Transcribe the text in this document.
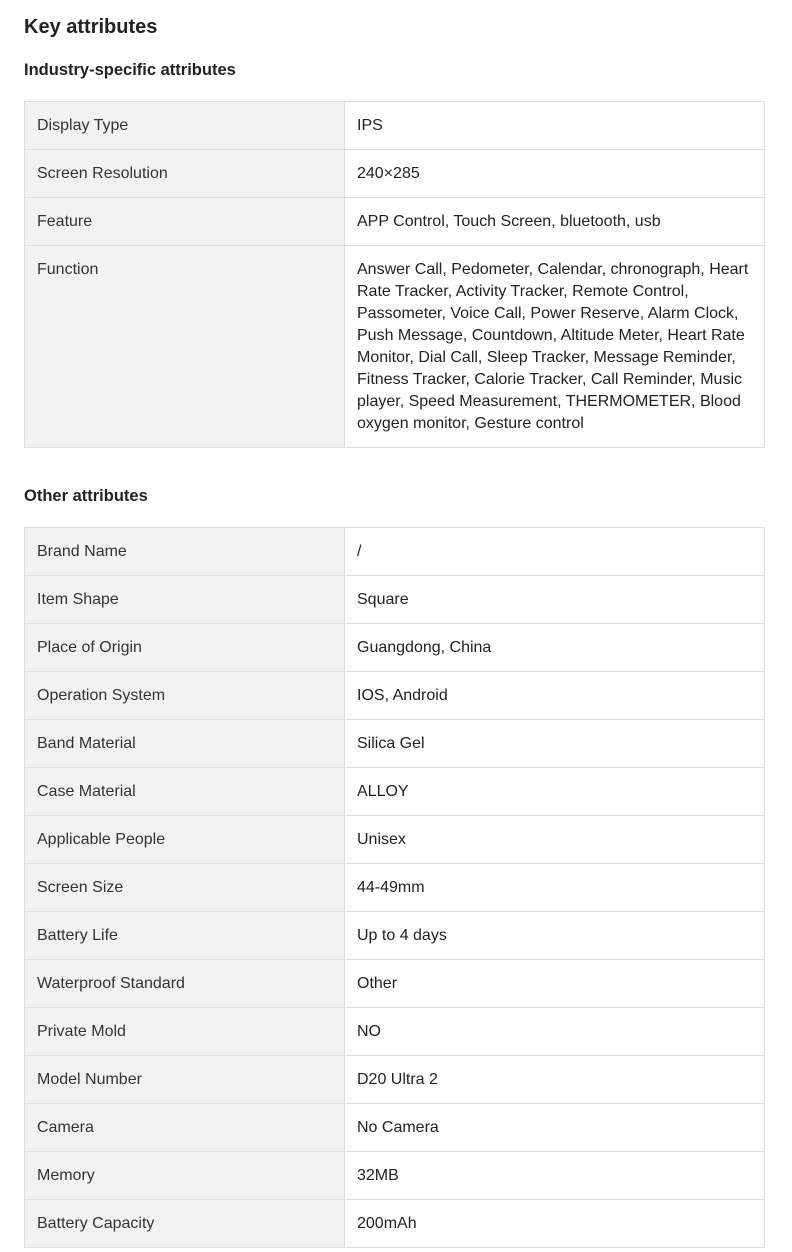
Key attributes
Industry-specific attributes
Display Type	IPS
Screen Resolution	240×285
Feature	APP Control, Touch Screen, bluetooth, usb
Function	Answer Call, Pedometer, Calendar, chronograph, Heart Rate Tracker, Activity Tracker, Remote Control, Passometer, Voice Call, Power Reserve, Alarm Clock, Push Message, Countdown, Altitude Meter, Heart Rate Monitor, Dial Call, Sleep Tracker, Message Reminder, Fitness Tracker, Calorie Tracker, Call Reminder, Music player, Speed Measurement, THERMOMETER, Blood oxygen monitor, Gesture control
Other attributes
Brand Name	/
Item Shape	Square
Place of Origin	Guangdong, China
Operation System	IOS, Android
Band Material	Silica Gel
Case Material	ALLOY
Applicable People	Unisex
Screen Size	44-49mm
Battery Life	Up to 4 days
Waterproof Standard	Other
Private Mold	NO
Model Number	D20 Ultra 2
Camera	No Camera
Memory	32MB
Battery Capacity	200mAh
